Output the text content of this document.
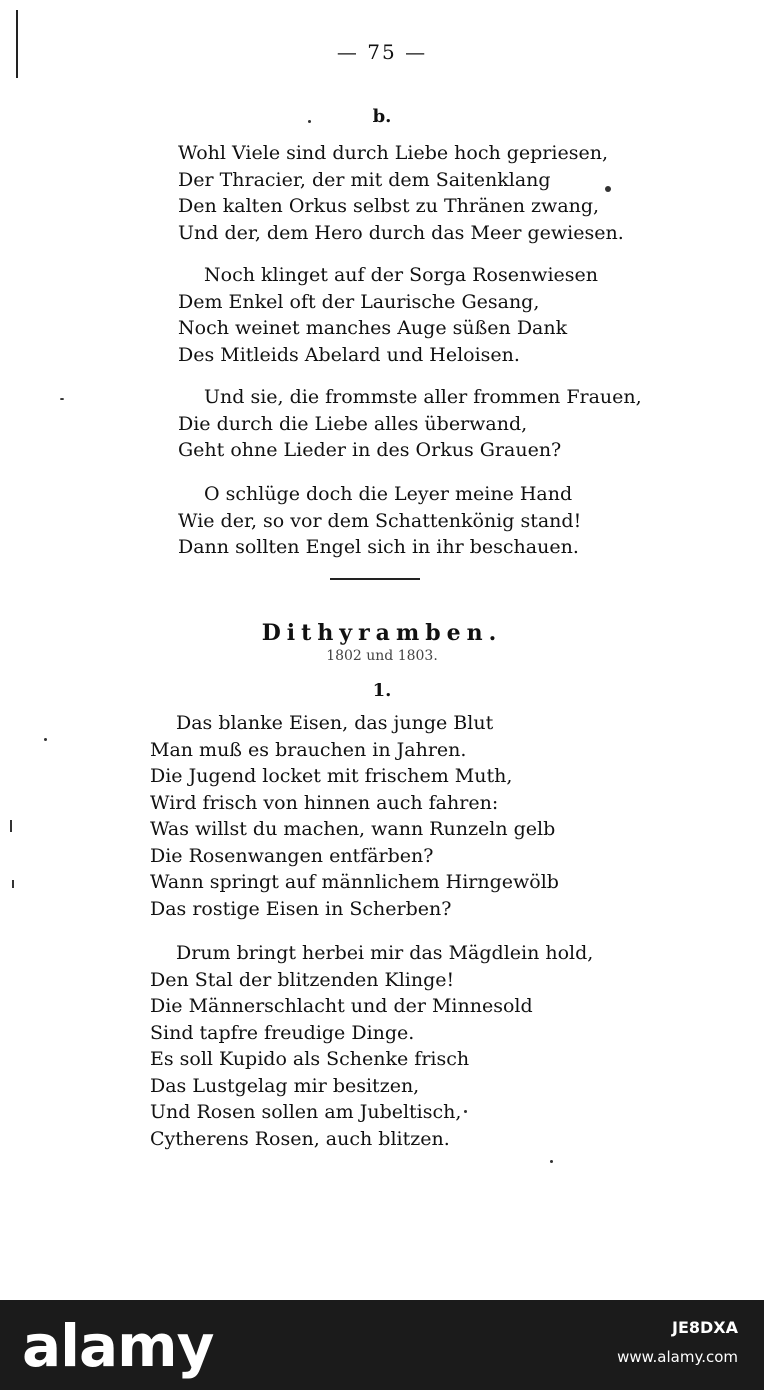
— 75 —
b.
Wohl Viele sind durch Liebe hoch gepriesen,
Der Thracier, der mit dem Saitenklang
Den kalten Orkus selbst zu Thränen zwang,
Und der, dem Hero durch das Meer gewiesen.
Noch klinget auf der Sorga Rosenwiesen
Dem Enkel oft der Laurische Gesang,
Noch weinet manches Auge süßen Dank
Des Mitleids Abelard und Heloisen.
Und sie, die frommste aller frommen Frauen,
Die durch die Liebe alles überwand,
Geht ohne Lieder in des Orkus Grauen?
O schlüge doch die Leyer meine Hand
Wie der, so vor dem Schattenkönig stand!
Dann sollten Engel sich in ihr beschauen.
Dithyramben.
1802 und 1803.
1.
Das blanke Eisen, das junge Blut
Man muß es brauchen in Jahren.
Die Jugend locket mit frischem Muth,
Wird frisch von hinnen auch fahren:
Was willst du machen, wann Runzeln gelb
Die Rosenwangen entfärben?
Wann springt auf männlichem Hirngewölb
Das rostige Eisen in Scherben?
Drum bringt herbei mir das Mägdlein hold,
Den Stal der blitzenden Klinge!
Die Männerschlacht und der Minnesold
Sind tapfre freudige Dinge.
Es soll Kupido als Schenke frisch
Das Lustgelag mir besitzen,
Und Rosen sollen am Jubeltisch,
Cytherens Rosen, auch blitzen.
alamy	JE8DXA
www.alamy.com
